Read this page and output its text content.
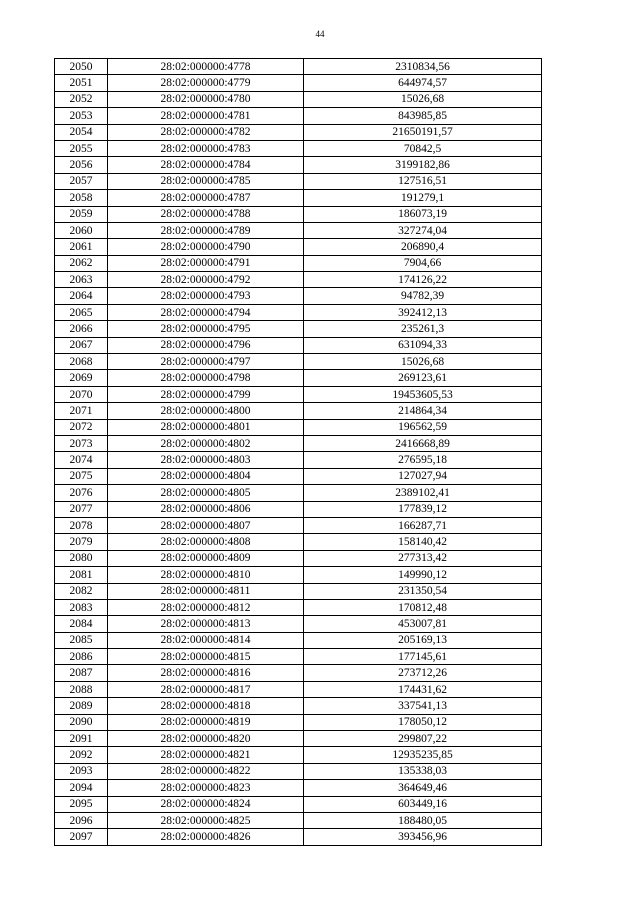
44
2050	28:02:000000:4778	2310834,56
2051	28:02:000000:4779	644974,57
2052	28:02:000000:4780	15026,68
2053	28:02:000000:4781	843985,85
2054	28:02:000000:4782	21650191,57
2055	28:02:000000:4783	70842,5
2056	28:02:000000:4784	3199182,86
2057	28:02:000000:4785	127516,51
2058	28:02:000000:4787	191279,1
2059	28:02:000000:4788	186073,19
2060	28:02:000000:4789	327274,04
2061	28:02:000000:4790	206890,4
2062	28:02:000000:4791	7904,66
2063	28:02:000000:4792	174126,22
2064	28:02:000000:4793	94782,39
2065	28:02:000000:4794	392412,13
2066	28:02:000000:4795	235261,3
2067	28:02:000000:4796	631094,33
2068	28:02:000000:4797	15026,68
2069	28:02:000000:4798	269123,61
2070	28:02:000000:4799	19453605,53
2071	28:02:000000:4800	214864,34
2072	28:02:000000:4801	196562,59
2073	28:02:000000:4802	2416668,89
2074	28:02:000000:4803	276595,18
2075	28:02:000000:4804	127027,94
2076	28:02:000000:4805	2389102,41
2077	28:02:000000:4806	177839,12
2078	28:02:000000:4807	166287,71
2079	28:02:000000:4808	158140,42
2080	28:02:000000:4809	277313,42
2081	28:02:000000:4810	149990,12
2082	28:02:000000:4811	231350,54
2083	28:02:000000:4812	170812,48
2084	28:02:000000:4813	453007,81
2085	28:02:000000:4814	205169,13
2086	28:02:000000:4815	177145,61
2087	28:02:000000:4816	273712,26
2088	28:02:000000:4817	174431,62
2089	28:02:000000:4818	337541,13
2090	28:02:000000:4819	178050,12
2091	28:02:000000:4820	299807,22
2092	28:02:000000:4821	12935235,85
2093	28:02:000000:4822	135338,03
2094	28:02:000000:4823	364649,46
2095	28:02:000000:4824	603449,16
2096	28:02:000000:4825	188480,05
2097	28:02:000000:4826	393456,96
